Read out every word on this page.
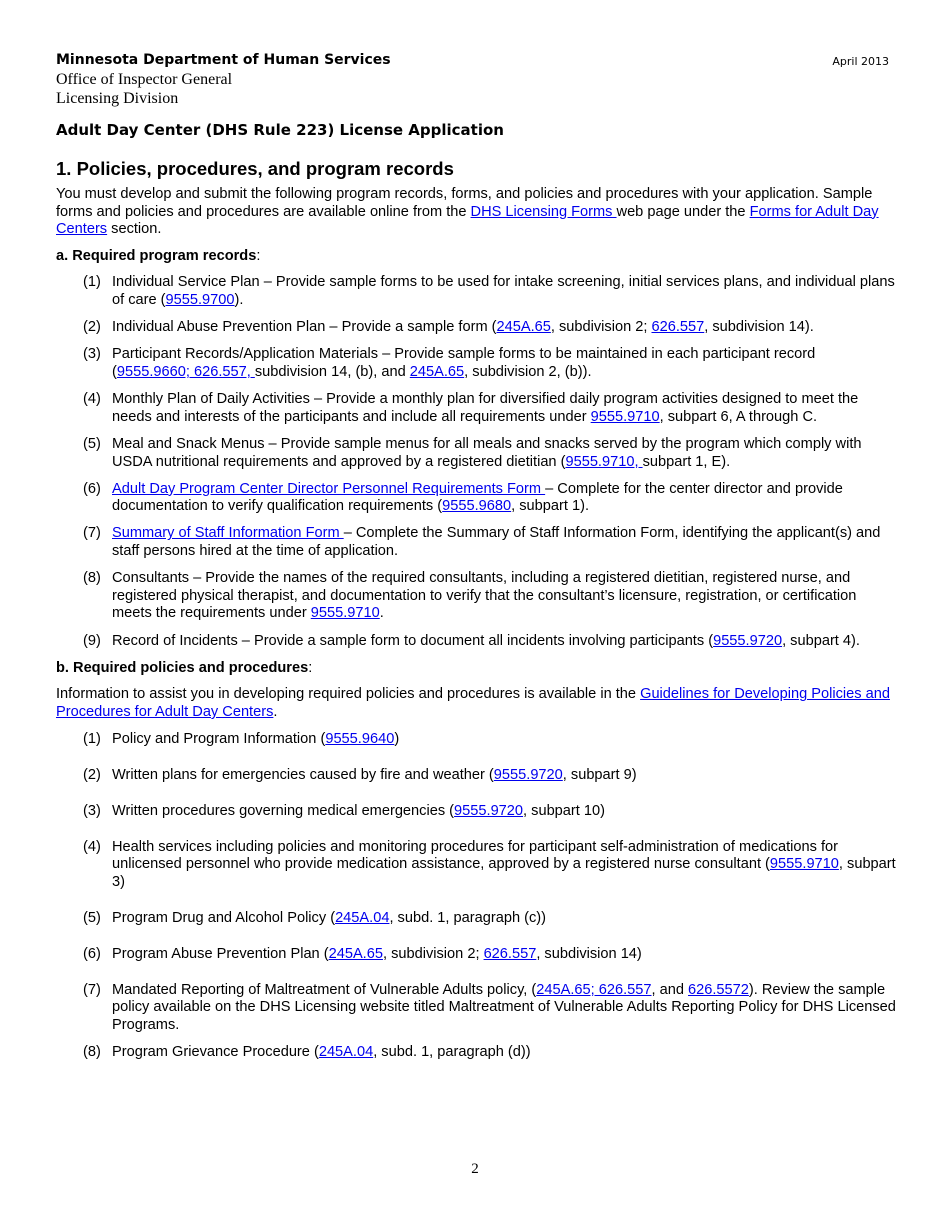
Minnesota Department of Human Services	April 2013
Office of Inspector General
Licensing Division
Adult Day Center (DHS Rule 223) License Application
1. Policies, procedures, and program records

You must develop and submit the following program records, forms, and policies and procedures with your application. Sample forms and policies and procedures are available online from the DHS Licensing Forms web page under the Forms for Adult Day Centers section.

a. Required program records:

(1) Individual Service Plan – Provide sample forms to be used for intake screening, initial services plans, and individual plans of care (9555.9700).
(2) Individual Abuse Prevention Plan – Provide a sample form (245A.65, subdivision 2; 626.557, subdivision 14).
(3) Participant Records/Application Materials – Provide sample forms to be maintained in each participant record (9555.9660; 626.557, subdivision 14, (b), and 245A.65, subdivision 2, (b)).
(4) Monthly Plan of Daily Activities – Provide a monthly plan for diversified daily program activities designed to meet the needs and interests of the participants and include all requirements under 9555.9710, subpart 6, A through C.
(5) Meal and Snack Menus – Provide sample menus for all meals and snacks served by the program which comply with USDA nutritional requirements and approved by a registered dietitian (9555.9710, subpart 1, E).
(6) Adult Day Program Center Director Personnel Requirements Form – Complete for the center director and provide documentation to verify qualification requirements (9555.9680, subpart 1).
(7) Summary of Staff Information Form – Complete the Summary of Staff Information Form, identifying the applicant(s) and staff persons hired at the time of application.
(8) Consultants – Provide the names of the required consultants, including a registered dietitian, registered nurse, and registered physical therapist, and documentation to verify that the consultant’s licensure, registration, or certification meets the requirements under 9555.9710.
(9) Record of Incidents – Provide a sample form to document all incidents involving participants (9555.9720, subpart 4).

b. Required policies and procedures:

Information to assist you in developing required policies and procedures is available in the Guidelines for Developing Policies and Procedures for Adult Day Centers.

(1) Policy and Program Information (9555.9640)
(2) Written plans for emergencies caused by fire and weather (9555.9720, subpart 9)
(3) Written procedures governing medical emergencies (9555.9720, subpart 10)
(4) Health services including policies and monitoring procedures for participant self-administration of medications for unlicensed personnel who provide medication assistance, approved by a registered nurse consultant (9555.9710, subpart 3)
(5) Program Drug and Alcohol Policy (245A.04, subd. 1, paragraph (c))
(6) Program Abuse Prevention Plan (245A.65, subdivision 2; 626.557, subdivision 14)
(7) Mandated Reporting of Maltreatment of Vulnerable Adults policy, (245A.65; 626.557, and 626.5572). Review the sample policy available on the DHS Licensing website titled Maltreatment of Vulnerable Adults Reporting Policy for DHS Licensed Programs.
(8) Program Grievance Procedure (245A.04, subd. 1, paragraph (d))
2
